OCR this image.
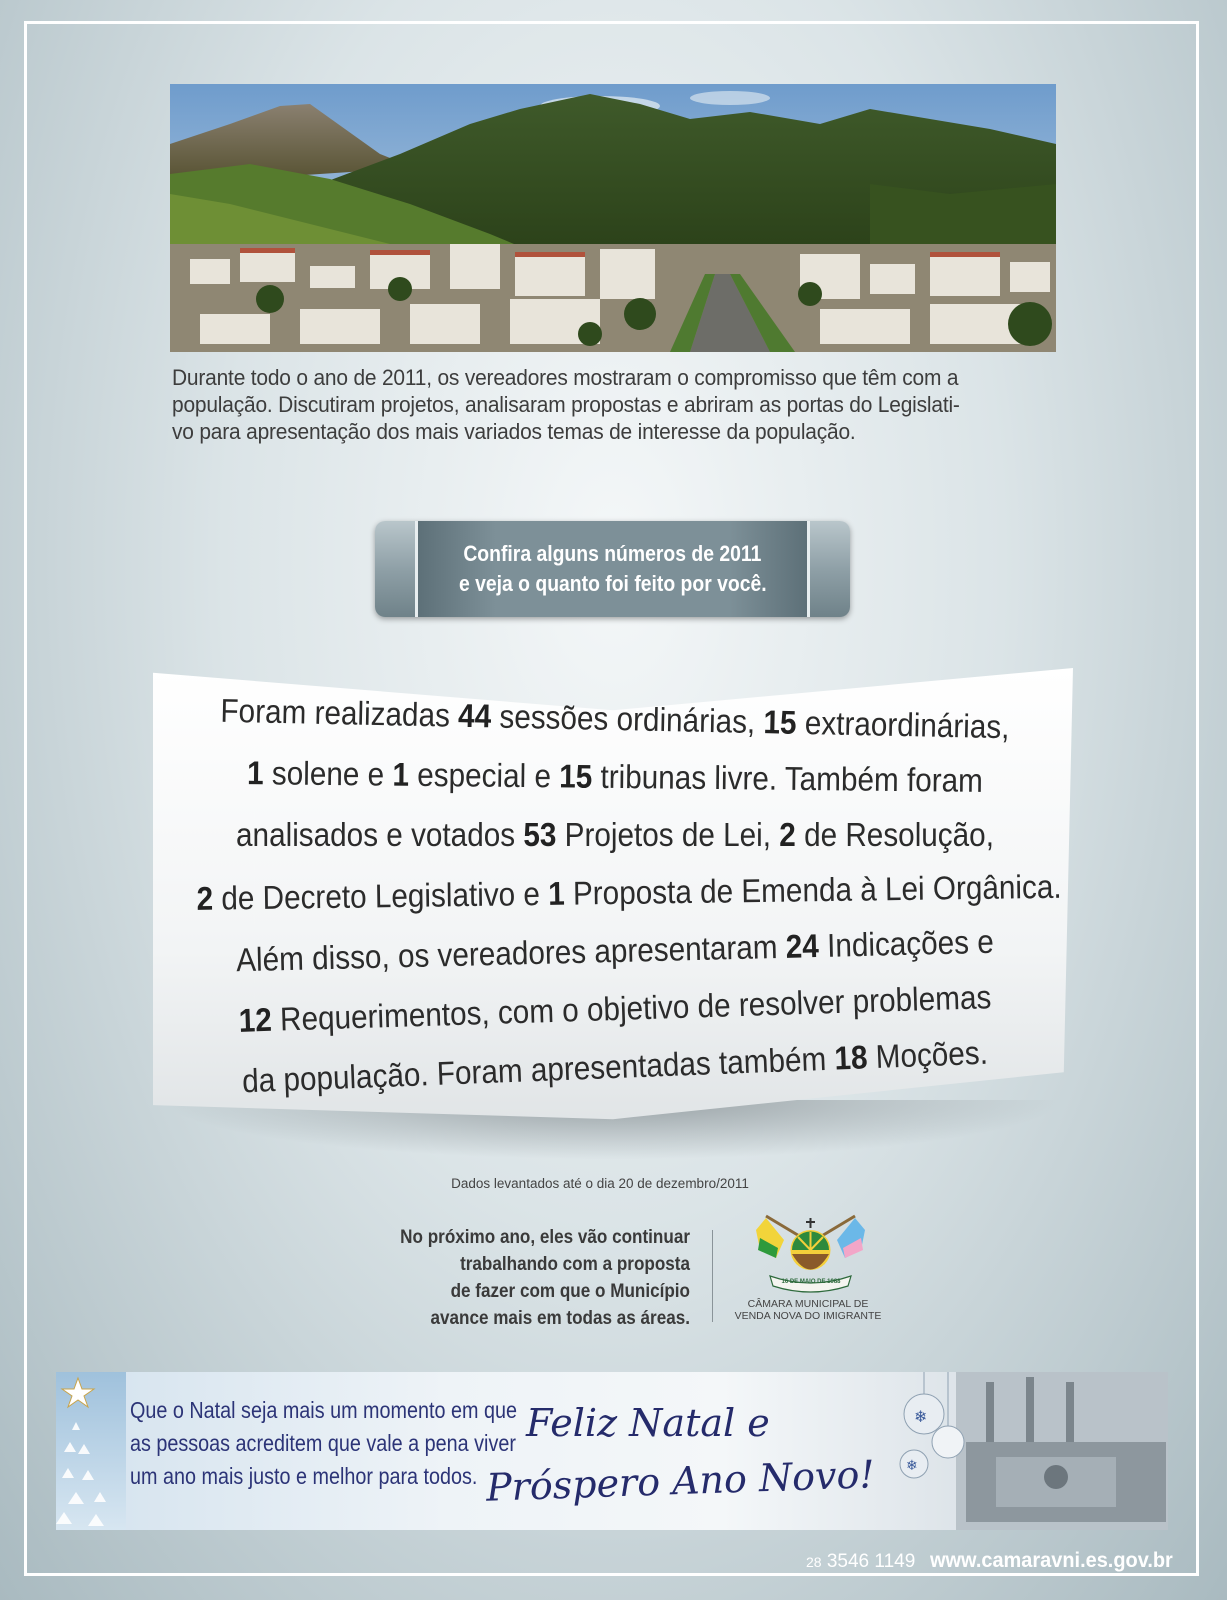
Durante todo o ano de 2011, os vereadores mostraram o compromisso que têm com a
população. Discutiram projetos, analisaram propostas e abriram as portas do Legislati-
vo para apresentação dos mais variados temas de interesse da população.
Confira alguns números de 2011
e veja o quanto foi feito por você.
Foram realizadas 44 sessões ordinárias, 15 extraordinárias,
1 solene e 1 especial e 15 tribunas livre. Também foram
analisados e votados 53 Projetos de Lei, 2 de Resolução,
2 de Decreto Legislativo e 1 Proposta de Emenda à Lei Orgânica.
Além disso, os vereadores apresentaram 24 Indicações e
12 Requerimentos, com o objetivo de resolver problemas
da população. Foram apresentadas também 18 Moções.
Dados levantados até o dia 20 de dezembro/2011
No próximo ano, eles vão continuar
trabalhando com a proposta
de fazer com que o Município
avance mais em todas as áreas.
16 DE MAIO DE 1988
CÂMARA MUNICIPAL DE
VENDA NOVA DO IMIGRANTE
Que o Natal seja mais um momento em que
as pessoas acreditem que vale a pena viver
um ano mais justo e melhor para todos.
Feliz Natal e
Próspero Ano Novo!
❄
❄
28 3546 1149 www.camaravni.es.gov.br
